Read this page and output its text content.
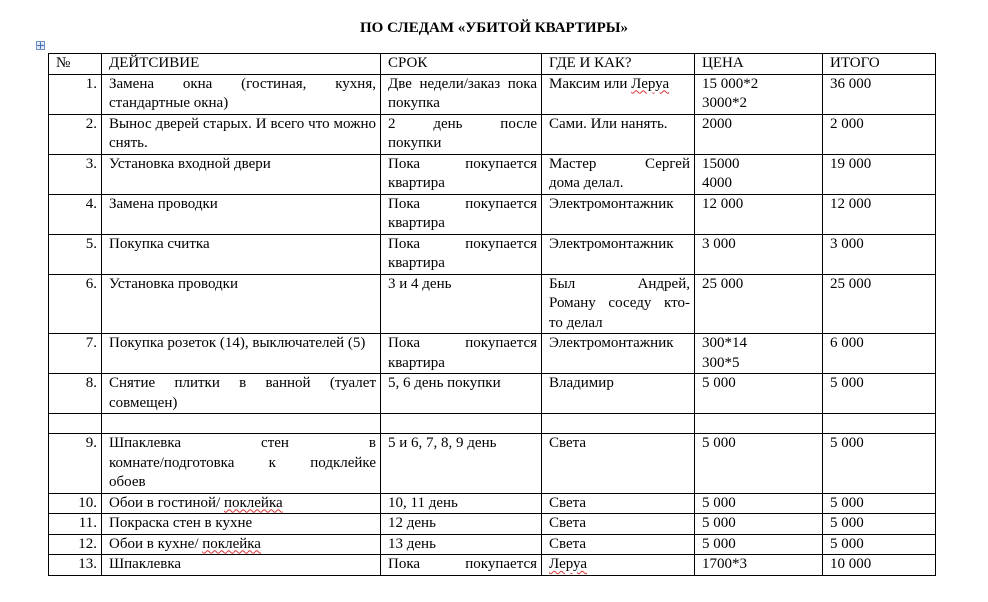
ПО СЛЕДАМ «УБИТОЙ КВАРТИРЫ»
№	ДЕЙТСИВИЕ	СРОК	ГДЕ И КАК?	ЦЕНА	ИТОГО
1.	Замена окна (гостиная, кухня, стандартные окна)	Две недели/заказ пока покупка	Максим или Леруа	15 000*2
3000*2	36 000
2.	Вынос дверей старых. И всего что можно снять.	2 день после
покупки	Сами. Или нанять.	2000	2 000
3.	Установка входной двери	Пока покупается
квартира	Мастер Сергей
дома делал.	15000
4000	19 000
4.	Замена проводки	Пока покупается
квартира	Электромонтажник	12 000	12 000
5.	Покупка считка	Пока покупается
квартира	Электромонтажник	3 000	3 000
6.	Установка проводки	3 и 4 день	Был Андрей,
Роману соседу кто-
то делал	25 000	25 000
7.	Покупка розеток (14), выключателей (5)	Пока покупается
квартира	Электромонтажник	300*14
300*5	6 000
8.	Снятие плитки в ванной (туалет совмещен)	5, 6 день покупки	Владимир	5 000	5 000

9.	Шпаклевка стен в
комнате/подготовка к подклейке
обоев	5 и 6, 7, 8, 9 день	Света	5 000	5 000
10.	Обои в гостиной/ поклейка	10, 11 день	Света	5 000	5 000
11.	Покраска стен в кухне	12 день	Света	5 000	5 000
12.	Обои в кухне/ поклейка	13 день	Света	5 000	5 000
13.	Шпаклевка	Пока покупается	Леруа	1700*3	10 000
